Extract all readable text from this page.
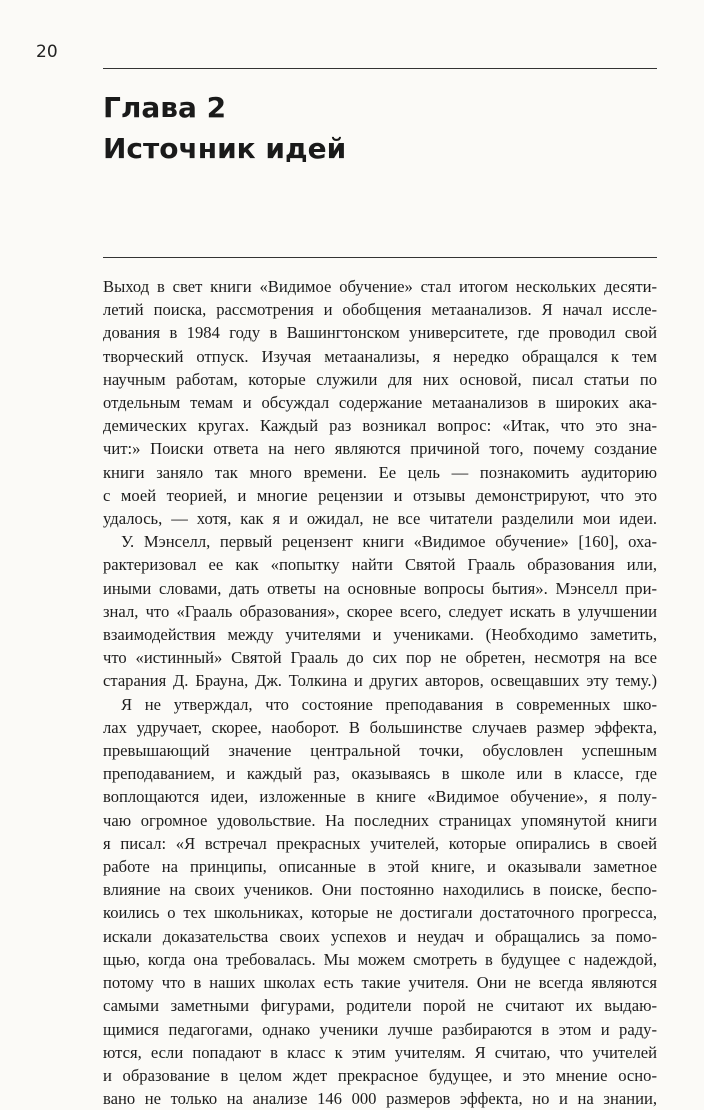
20
Глава 2
Источник идей
Выход в свет книги «Видимое обучение» стал итогом нескольких десяти-
летий поиска, рассмотрения и обобщения метаанализов. Я начал иссле-
дования в 1984 году в Вашингтонском университете, где проводил свой
творческий отпуск. Изучая метаанализы, я нередко обращался к тем
научным работам, которые служили для них основой, писал статьи по
отдельным темам и обсуждал содержание метаанализов в широких ака-
демических кругах. Каждый раз возникал вопрос: «Итак, что это зна-
чит:» Поиски ответа на него являются причиной того, почему создание
книги заняло так много времени. Ее цель — познакомить аудиторию
с моей теорией, и многие рецензии и отзывы демонстрируют, что это
удалось, — хотя, как я и ожидал, не все читатели разделили мои идеи.
У. Мэнселл, первый рецензент книги «Видимое обучение» [160], оха-
рактеризовал ее как «попытку найти Святой Грааль образования или,
иными словами, дать ответы на основные вопросы бытия». Мэнселл при-
знал, что «Грааль образования», скорее всего, следует искать в улучшении
взаимодействия между учителями и учениками. (Необходимо заметить,
что «истинный» Святой Грааль до сих пор не обретен, несмотря на все
старания Д. Брауна, Дж. Толкина и других авторов, освещавших эту тему.)
Я не утверждал, что состояние преподавания в современных шко-
лах удручает, скорее, наоборот. В большинстве случаев размер эффекта,
превышающий значение центральной точки, обусловлен успешным
преподаванием, и каждый раз, оказываясь в школе или в классе, где
воплощаются идеи, изложенные в книге «Видимое обучение», я полу-
чаю огромное удовольствие. На последних страницах упомянутой книги
я писал: «Я встречал прекрасных учителей, которые опирались в своей
работе на принципы, описанные в этой книге, и оказывали заметное
влияние на своих учеников. Они постоянно находились в поиске, беспо-
коились о тех школьниках, которые не достигали достаточного прогресса,
искали доказательства своих успехов и неудач и обращались за помо-
щью, когда она требовалась. Мы можем смотреть в будущее с надеждой,
потому что в наших школах есть такие учителя. Они не всегда являются
самыми заметными фигурами, родители порой не считают их выдаю-
щимися педагогами, однако ученики лучше разбираются в этом и раду-
ются, если попадают в класс к этим учителям. Я считаю, что учителей
и образование в целом ждет прекрасное будущее, и это мнение осно-
вано не только на анализе 146 000 размеров эффекта, но и на знании,
